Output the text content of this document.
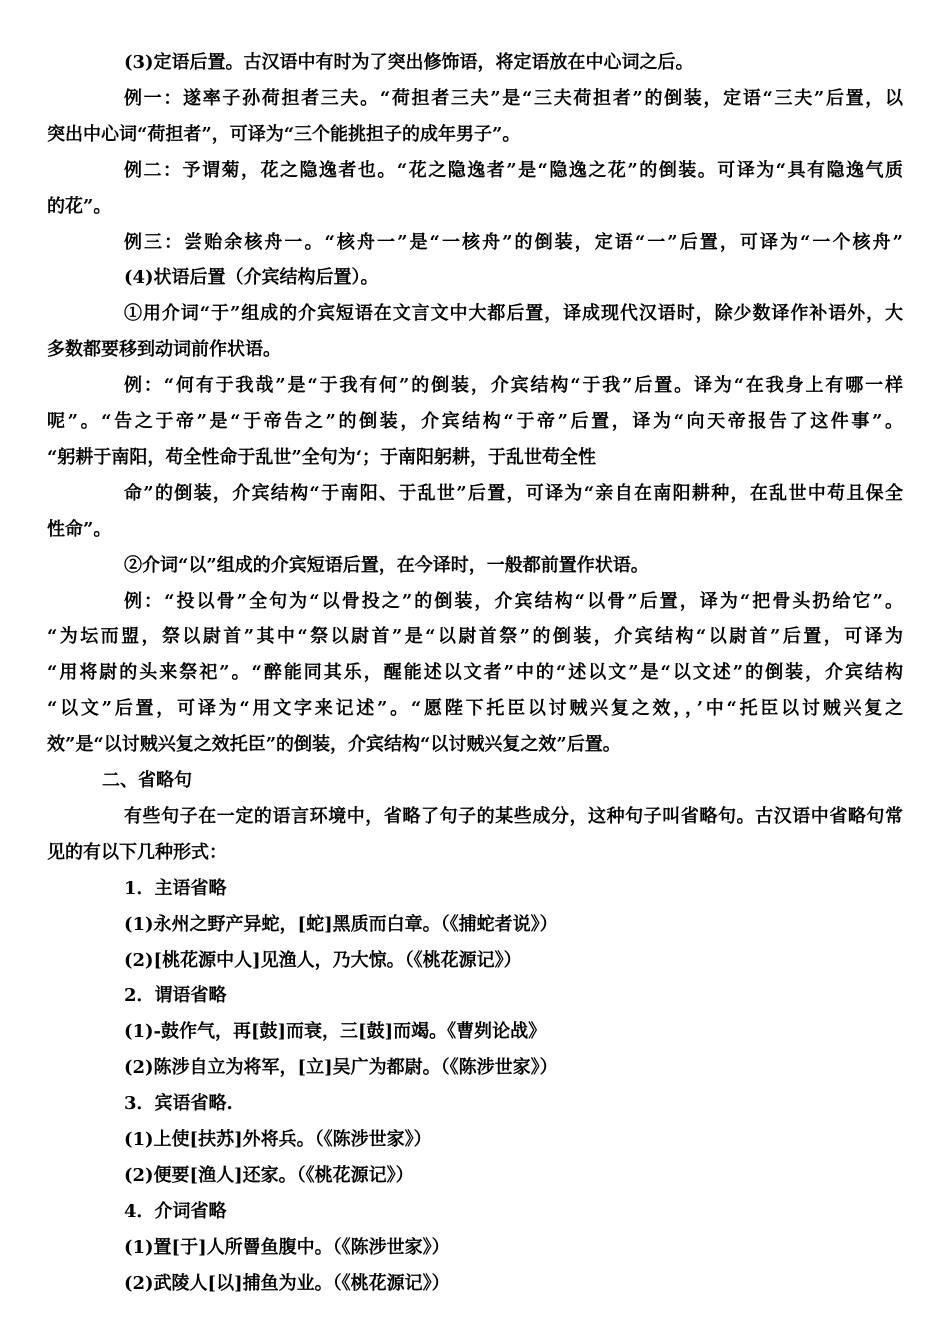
(3)定语后置。古汉语中有时为了突出修饰语，将定语放在中心词之后。

例一：遂率子孙荷担者三夫。“荷担者三夫”是“三夫荷担者”的倒装，定语“三夫”后置，以

突出中心词“荷担者”，可译为“三个能挑担子的成年男子”。

例二：予谓菊，花之隐逸者也。“花之隐逸者”是“隐逸之花”的倒装。可译为“具有隐逸气质

的花”。

例三：尝贻余核舟一。“核舟一”是“一核舟”的倒装，定语“一”后置，可译为“一个核舟”

(4)状语后置（介宾结构后置）。

①用介词“于”组成的介宾短语在文言文中大都后置，译成现代汉语时，除少数译作补语外，大

多数都要移到动词前作状语。

例：“何有于我哉”是“于我有何”的倒装，介宾结构“于我”后置。译为“在我身上有哪一样

呢”。“告之于帝”是“于帝告之”的倒装，介宾结构“于帝”后置，译为“向天帝报告了这件事”。

“躬耕于南阳，苟全性命于乱世”全句为‘；于南阳躬耕，于乱世苟全性

命”的倒装，介宾结构“于南阳、于乱世”后置，可译为“亲自在南阳耕种，在乱世中苟且保全

性命”。

②介词“以”组成的介宾短语后置，在今译时，一般都前置作状语。

例：“投以骨”全句为“以骨投之”的倒装，介宾结构“以骨”后置，译为“把骨头扔给它”。

“为坛而盟，祭以尉首”其中“祭以尉首”是“以尉首祭”的倒装，介宾结构“以尉首”后置，可译为

“用将尉的头来祭祀”。“醉能同其乐，醒能述以文者”中的“述以文”是“以文述”的倒装，介宾结构

“以文”后置，可译为“用文字来记述”。“愿陛下托臣以讨贼兴复之效，，’中“托臣以讨贼兴复之

效”是“以讨贼兴复之效托臣”的倒装，介宾结构“以讨贼兴复之效”后置。

二、省略句

有些句子在一定的语言环境中，省略了句子的某些成分，这种句子叫省略句。古汉语中省略句常

见的有以下几种形式：

1．主语省略

(1)永州之野产异蛇，[蛇]黑质而白章。（《捕蛇者说》）

(2)[桃花源中人]见渔人，乃大惊。（《桃花源记》）

2．谓语省略

(1)-鼓作气，再[鼓]而衰，三[鼓]而竭。《曹刿论战》

(2)陈涉自立为将军，[立]吴广为都尉。（《陈涉世家》）

3．宾语省略.

(1)上使[扶苏]外将兵。（《陈涉世家》）

(2)便要[渔人]还家。（《桃花源记》）

4．介词省略

(1)置[于]人所罾鱼腹中。（《陈涉世家》）

(2)武陵人[以]捕鱼为业。（《桃花源记》）
